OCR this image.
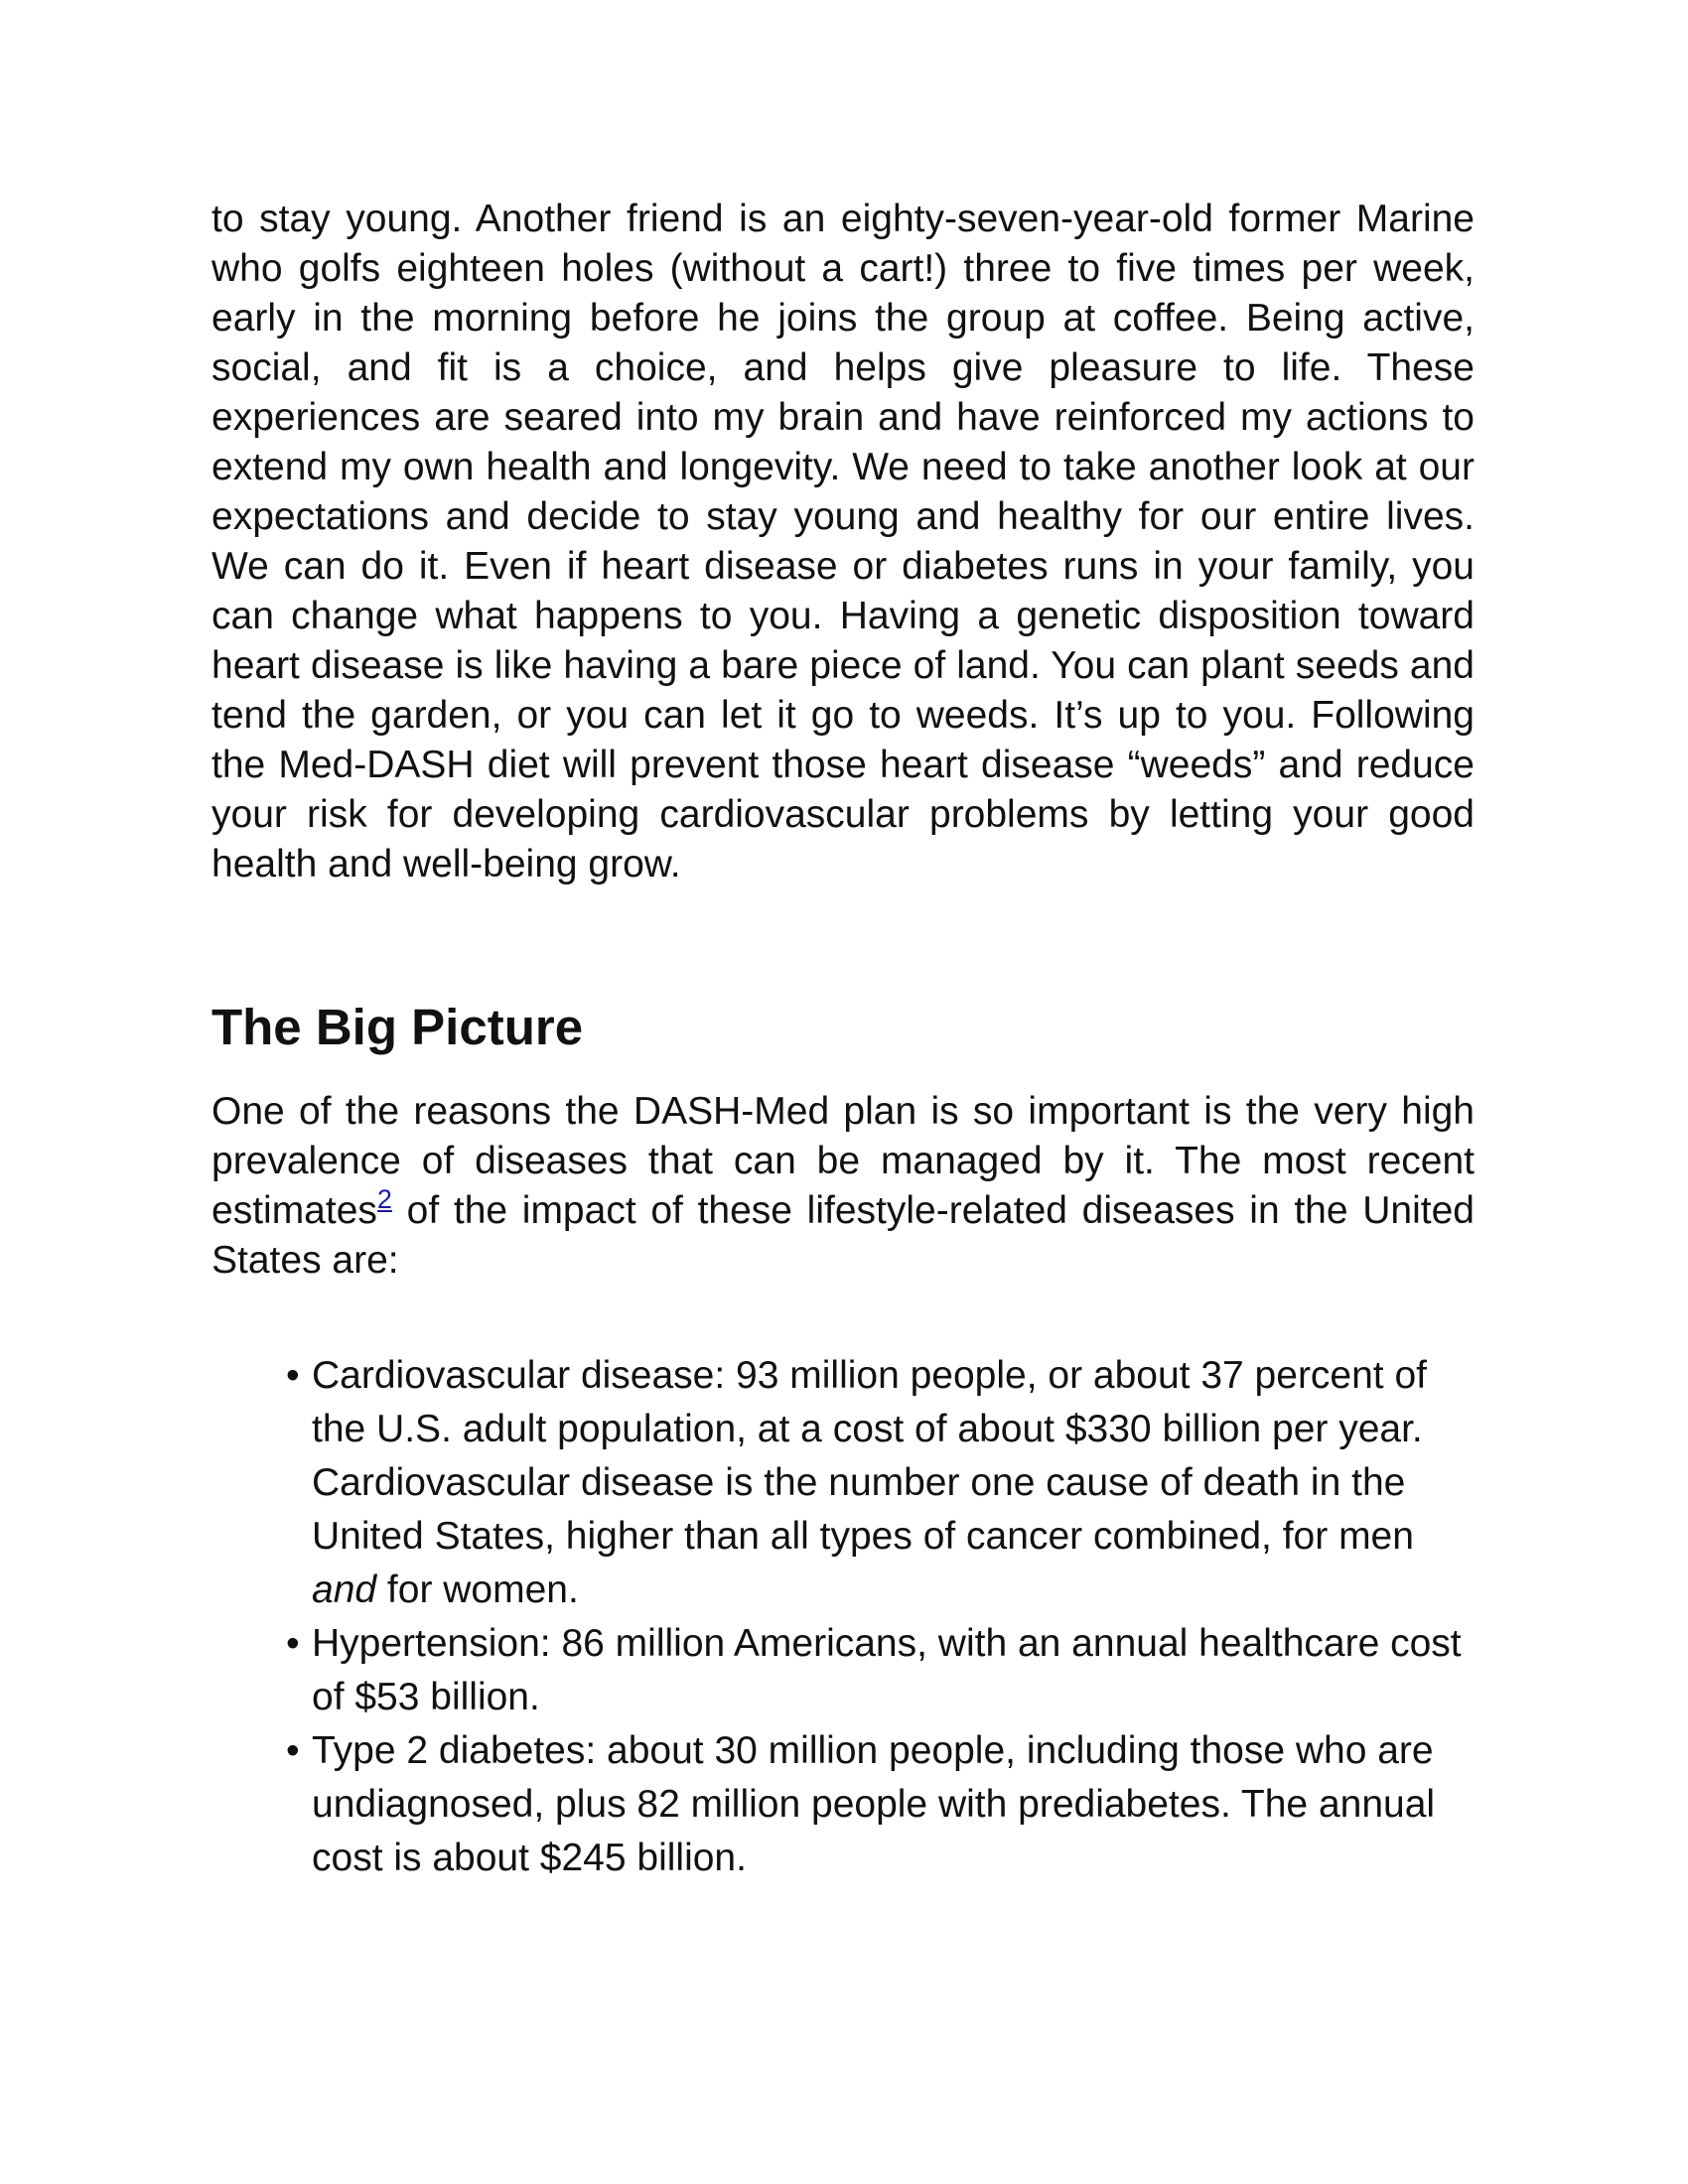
to stay young. Another friend is an eighty-seven-year-old former Marine who golfs eighteen holes (without a cart!) three to five times per week, early in the morning before he joins the group at coffee. Being active, social, and fit is a choice, and helps give pleasure to life. These experiences are seared into my brain and have reinforced my actions to extend my own health and longevity. We need to take another look at our expectations and decide to stay young and healthy for our entire lives. We can do it. Even if heart disease or diabetes runs in your family, you can change what happens to you. Having a genetic disposition toward heart disease is like having a bare piece of land. You can plant seeds and tend the garden, or you can let it go to weeds. It’s up to you. Following the Med-DASH diet will prevent those heart disease “weeds” and reduce your risk for developing cardiovascular problems by letting your good health and well-being grow.

The Big Picture

One of the reasons the DASH-Med plan is so important is the very high prevalence of diseases that can be managed by it. The most recent estimates$^2$ of the impact of these lifestyle-related diseases in the United States are:

• Cardiovascular disease: 93 million people, or about 37 percent of the U.S. adult population, at a cost of about $330 billion per year. Cardiovascular disease is the number one cause of death in the United States, higher than all types of cancer combined, for men and for women.
• Hypertension: 86 million Americans, with an annual healthcare cost of $53 billion.
• Type 2 diabetes: about 30 million people, including those who are undiagnosed, plus 82 million people with prediabetes. The annual cost is about $245 billion.
